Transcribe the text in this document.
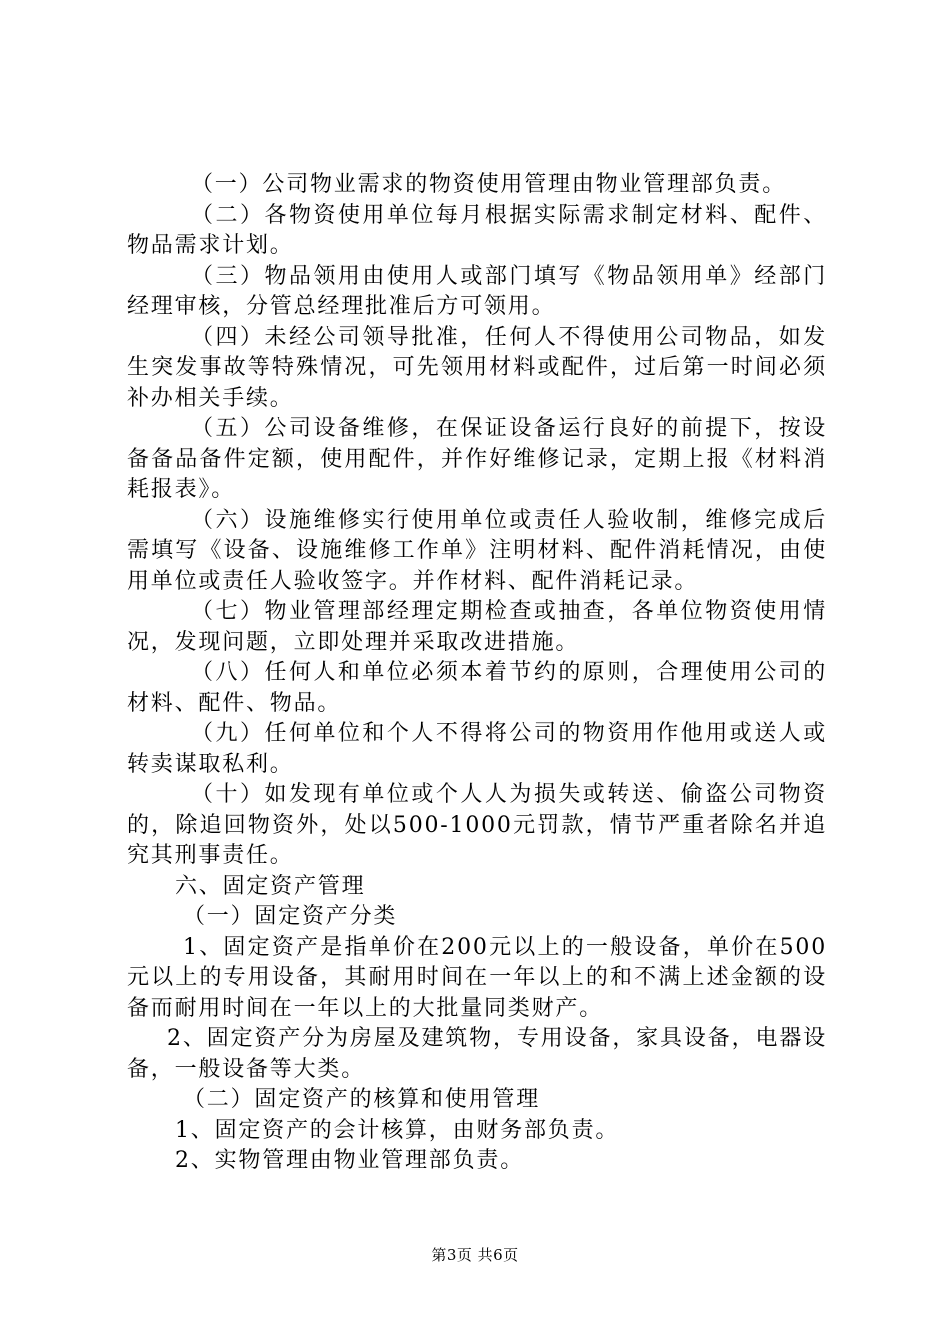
（一）公司物业需求的物资使用管理由物业管理部负责。

（二）各物资使用单位每月根据实际需求制定材料、配件、物品需求计划。

（三）物品领用由使用人或部门填写《物品领用单》经部门经理审核，分管总经理批准后方可领用。

（四）未经公司领导批准，任何人不得使用公司物品，如发生突发事故等特殊情况，可先领用材料或配件，过后第一时间必须补办相关手续。

（五）公司设备维修，在保证设备运行良好的前提下，按设备备品备件定额，使用配件，并作好维修记录，定期上报《材料消耗报表》。

（六）设施维修实行使用单位或责任人验收制，维修完成后需填写《设备、设施维修工作单》注明材料、配件消耗情况，由使用单位或责任人验收签字。并作材料、配件消耗记录。

（七）物业管理部经理定期检查或抽查，各单位物资使用情况，发现问题，立即处理并采取改进措施。

（八）任何人和单位必须本着节约的原则，合理使用公司的材料、配件、物品。

（九）任何单位和个人不得将公司的物资用作他用或送人或转卖谋取私利。

（十）如发现有单位或个人人为损失或转送、偷盗公司物资的，除追回物资外，处以500-1000元罚款，情节严重者除名并追究其刑事责任。

六、固定资产管理

（一）固定资产分类

1、固定资产是指单价在200元以上的一般设备，单价在500元以上的专用设备，其耐用时间在一年以上的和不满上述金额的设备而耐用时间在一年以上的大批量同类财产。

2、固定资产分为房屋及建筑物，专用设备，家具设备，电器设备，一般设备等大类。

（二）固定资产的核算和使用管理

1、固定资产的会计核算，由财务部负责。

2、实物管理由物业管理部负责。

第3页 共6页
